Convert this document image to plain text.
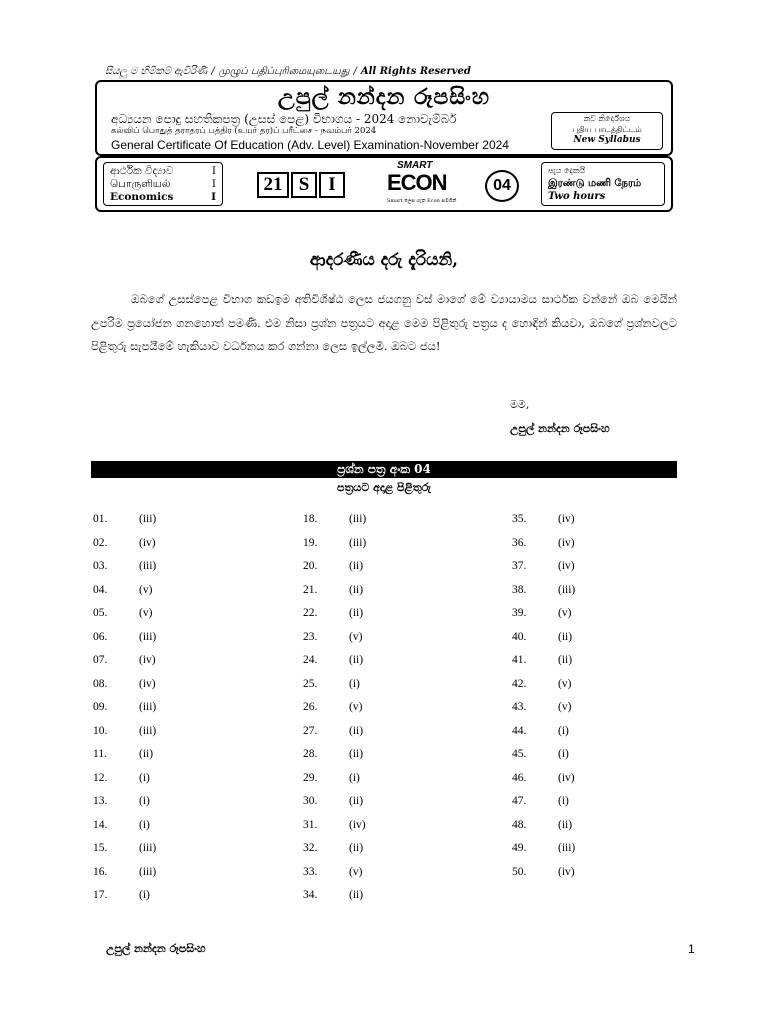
සියලු ම හිමිකම් ඇවිරිණි / முழுப் பதிப்புரிமையுடையது / All Rights Reserved
උපුල් නන්දන රූපසිංහ
අධ්‍යයන පොදු සහතිකපත්‍ර (උසස් පෙළ) විභාගය - 2024 නොවැම්බර්
கல்விப் பொதுத் தராதரப் பத்திர (உயர் தர)ப் பரீட்சை - நவம்பர் 2024
General Certificate Of Education (Adv. Level) Examination-November 2024
නව නිර්දේශය
புதிய பாடத்திட்டம்
New Syllabus
ආර්ථික විද්‍යාව	I
பொருளியல்	I
Economics	I
21 S	I
SMART
ECON
Smart ලෙස ගැන Econ සමගින්
04
පැය දෙකයි
இரண்டு மணி நேரம்
Two hours
ආදරණීය දරු දැරියනි,
ඔබගේ උසස්පෙළ විභාග කඩඉම අතිවිශිෂ්ඨ ලෙස ජයගනු වස් මාගේ මේ ව්‍යායාමය සාර්ථක වන්නේ ඔබ මෙයින් උපරිම ප්‍රයෝජන ගනහොත් පමණි. එම නිසා ප්‍රශ්න පත්‍රයට අදාළ මෙම පිළිතුරු පත්‍රය ද හොඳින් කියවා, ඔබගේ ප්‍රශ්නවලට පිළිතුරු සැපයීමේ හැකියාව වර්ධනය කර ගන්නා ලෙස ඉල්ලමි. ඔබට ජය!
මම,
උපුල් නන්දන රූපසිංහ
ප්‍රශ්න පත්‍ර අංක 04
පත්‍රයට අදාළ පිළිතුරු
01.	(iii)
02.	(iv)
03.	(iii)
04.	(v)
05.	(v)
06.	(iii)
07.	(iv)
08.	(iv)
09.	(iii)
10.	(iii)
11.	(ii)
12.	(i)
13.	(i)
14.	(i)
15.	(iii)
16.	(iii)
17.	(i)
18.	(iii)
19.	(iii)
20.	(ii)
21.	(ii)
22.	(ii)
23.	(v)
24.	(ii)
25.	(i)
26.	(v)
27.	(ii)
28.	(ii)
29.	(i)
30.	(ii)
31.	(iv)
32.	(ii)
33.	(v)
34.	(ii)
35.	(iv)
36.	(iv)
37.	(iv)
38.	(iii)
39.	(v)
40.	(ii)
41.	(ii)
42.	(v)
43.	(v)
44.	(i)
45.	(i)
46.	(iv)
47.	(i)
48.	(ii)
49.	(iii)
50.	(iv)
උපුල් නන්දන රූපසිංහ	1
